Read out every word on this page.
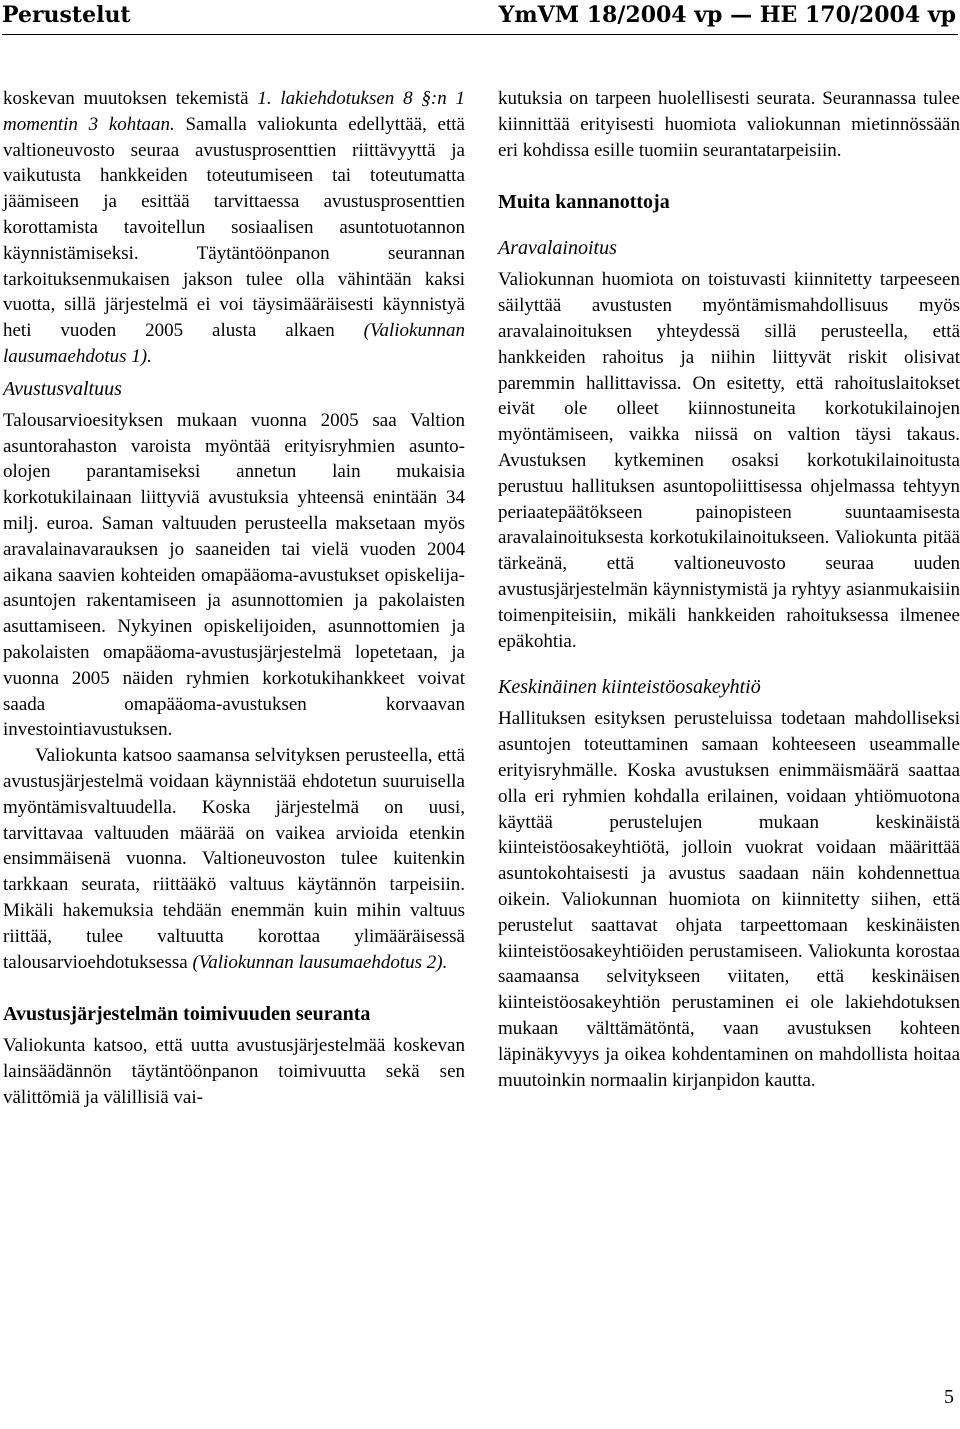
Perustelut	YmVM 18/2004 vp — HE 170/2004 vp

koskevan muutoksen tekemistä 1. lakiehdotuksen 8 §:n 1 momentin 3 kohtaan. Samalla valiokunta edellyttää, että valtioneuvosto seuraa avustusprosenttien riittävyyttä ja vaikutusta hankkeiden toteutumiseen tai toteutumatta jäämiseen ja esittää tarvittaessa avustusprosenttien korottamista tavoitellun sosiaalisen asuntotuotannon käynnistämiseksi. Täytäntöönpanon seurannan tarkoituksenmukaisen jakson tulee olla vähintään kaksi vuotta, sillä järjestelmä ei voi täysimääräisesti käynnistyä heti vuoden 2005 alusta alkaen (Valiokunnan lausumaehdotus 1).

Avustusvaltuus

Talousarvioesityksen mukaan vuonna 2005 saa Valtion asuntorahaston varoista myöntää erityisryhmien asunto-olojen parantamiseksi annetun lain mukaisia korkotukilainaan liittyviä avustuksia yhteensä enintään 34 milj. euroa. Saman valtuuden perusteella maksetaan myös aravalainavarauksen jo saaneiden tai vielä vuoden 2004 aikana saavien kohteiden omapääoma-avustukset opiskelija-asuntojen rakentamiseen ja asunnottomien ja pakolaisten asuttamiseen. Nykyinen opiskelijoiden, asunnottomien ja pakolaisten omapääoma-avustusjärjestelmä lopetetaan, ja vuonna 2005 näiden ryhmien korkotukihankkeet voivat saada omapääoma-avustuksen korvaavan investointiavustuksen.

Valiokunta katsoo saamansa selvityksen perusteella, että avustusjärjestelmä voidaan käynnistää ehdotetun suuruisella myöntämisvaltuudella. Koska järjestelmä on uusi, tarvittavaa valtuuden määrää on vaikea arvioida etenkin ensimmäisenä vuonna. Valtioneuvoston tulee kuitenkin tarkkaan seurata, riittääkö valtuus käytännön tarpeisiin. Mikäli hakemuksia tehdään enemmän kuin mihin valtuus riittää, tulee valtuutta korottaa ylimääräisessä talousarvioehdotuksessa (Valiokunnan lausumaehdotus 2).

Avustusjärjestelmän toimivuuden seuranta

Valiokunta katsoo, että uutta avustusjärjestelmää koskevan lainsäädännön täytäntöönpanon toimivuutta sekä sen välittömiä ja välillisiä vai-

kutuksia on tarpeen huolellisesti seurata. Seurannassa tulee kiinnittää erityisesti huomiota valiokunnan mietinnössään eri kohdissa esille tuomiin seurantatarpeisiin.

Muita kannanottoja
Aravalainoitus

Valiokunnan huomiota on toistuvasti kiinnitetty tarpeeseen säilyttää avustusten myöntämismahdollisuus myös aravalainoituksen yhteydessä sillä perusteella, että hankkeiden rahoitus ja niihin liittyvät riskit olisivat paremmin hallittavissa. On esitetty, että rahoituslaitokset eivät ole olleet kiinnostuneita korkotukilainojen myöntämiseen, vaikka niissä on valtion täysi takaus. Avustuksen kytkeminen osaksi korkotukilainoitusta perustuu hallituksen asuntopoliittisessa ohjelmassa tehtyyn periaatepäätökseen painopisteen suuntaamisesta aravalainoituksesta korkotukilainoitukseen. Valiokunta pitää tärkeänä, että valtioneuvosto seuraa uuden avustusjärjestelmän käynnistymistä ja ryhtyy asianmukaisiin toimenpiteisiin, mikäli hankkeiden rahoituksessa ilmenee epäkohtia.

Keskinäinen kiinteistöosakeyhtiö

Hallituksen esityksen perusteluissa todetaan mahdolliseksi asuntojen toteuttaminen samaan kohteeseen useammalle erityisryhmälle. Koska avustuksen enimmäismäärä saattaa olla eri ryhmien kohdalla erilainen, voidaan yhtiömuotona käyttää perustelujen mukaan keskinäistä kiinteistöosakeyhtiötä, jolloin vuokrat voidaan määrittää asuntokohtaisesti ja avustus saadaan näin kohdennettua oikein. Valiokunnan huomiota on kiinnitetty siihen, että perustelut saattavat ohjata tarpeettomaan keskinäisten kiinteistöosakeyhtiöiden perustamiseen. Valiokunta korostaa saamaansa selvitykseen viitaten, että keskinäisen kiinteistöosakeyhtiön perustaminen ei ole lakiehdotuksen mukaan välttämätöntä, vaan avustuksen kohteen läpinäkyvyys ja oikea kohdentaminen on mahdollista hoitaa muutoinkin normaalin kirjanpidon kautta.

5
